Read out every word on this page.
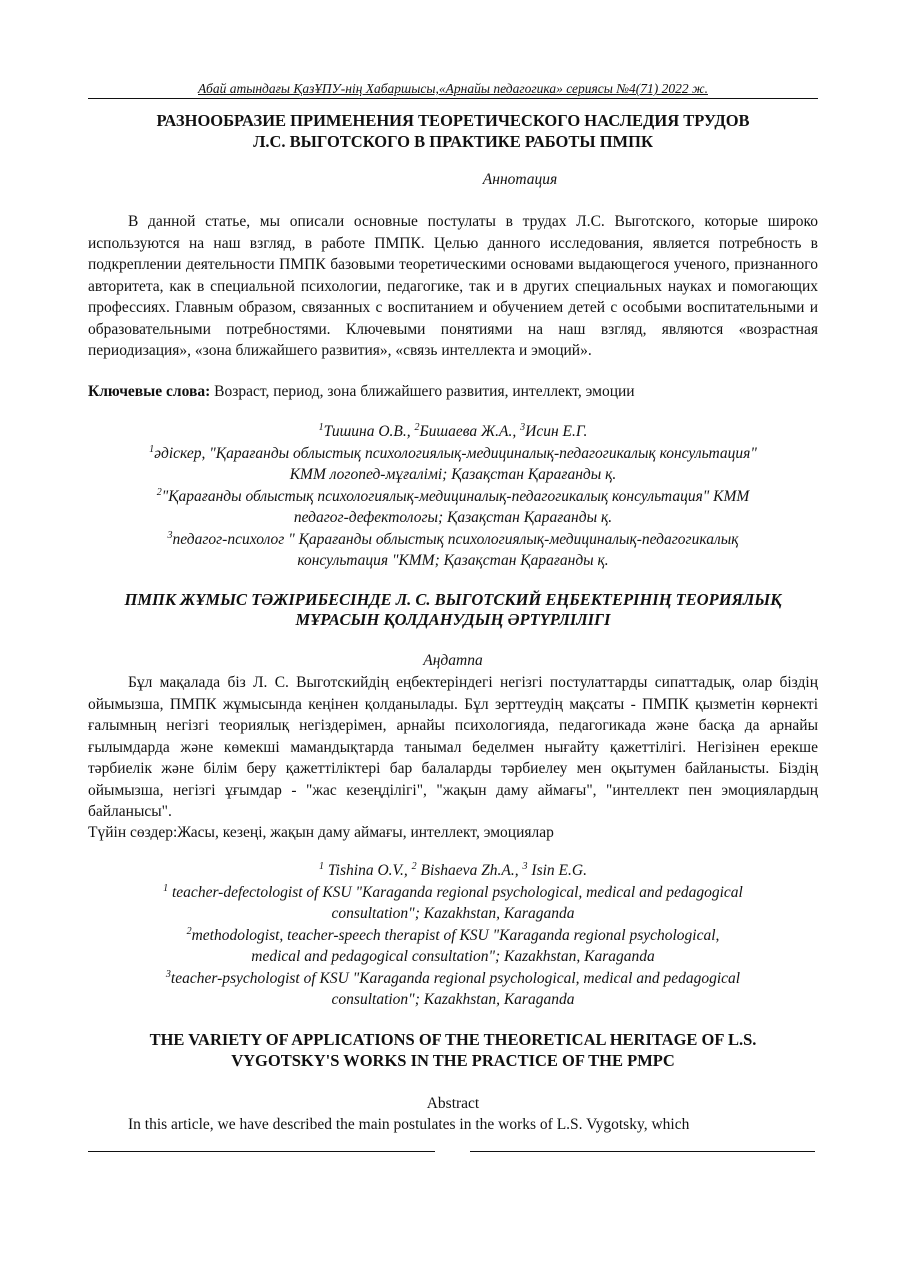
Абай атындағы ҚазҰПУ-нің Хабаршысы,«Арнайы педагогика» сериясы №4(71) 2022 ж.
РАЗНООБРАЗИЕ ПРИМЕНЕНИЯ ТЕОРЕТИЧЕСКОГО НАСЛЕДИЯ ТРУДОВ
Л.С. ВЫГОТСКОГО В ПРАКТИКЕ РАБОТЫ ПМПК
Аннотация
В данной статье, мы описали основные постулаты в трудах Л.С. Выготского, которые широко используются на наш взгляд, в работе ПМПК. Целью данного исследования, является потребность в подкреплении деятельности ПМПК базовыми теоретическими основами выдающегося ученого, признанного авторитета, как в специальной психологии, педагогике, так и в других специальных науках и помогающих профессиях. Главным образом, связанных с воспитанием и обучением детей с особыми воспитательными и образовательными потребностями. Ключевыми понятиями на наш взгляд, являются «возрастная периодизация», «зона ближайшего развития», «связь интеллекта и эмоций».
Ключевые слова: Возраст, период, зона ближайшего развития, интеллект, эмоции
$^1$Тишина О.В., $^2$Бишаева Ж.А., $^3$Исин Е.Г.
$^1$әдіскер, "Қарағанды облыстық психологиялық-медициналық-педагогикалық консультация"
КММ логопед-мұғалімі; Қазақстан Қарағанды қ.
$^2$"Қарағанды облыстық психологиялық-медициналық-педагогикалық консультация" КММ
педагог-дефектологы; Қазақстан Қарағанды қ.
$^3$педагог-психолог " Қарағанды облыстық психологиялық-медициналық-педагогикалық
консультация "КММ; Қазақстан Қарағанды қ.
ПМПК ЖҰМЫС ТӘЖІРИБЕСІНДЕ Л. С. ВЫГОТСКИЙ ЕҢБЕКТЕРІНІҢ ТЕОРИЯЛЫҚ
МҰРАСЫН ҚОЛДАНУДЫҢ ӘРТҮРЛІЛІГІ
Аңдатпа
Бұл мақалада біз Л. С. Выготскийдің еңбектеріндегі негізгі постулаттарды сипаттадық, олар біздің ойымызша, ПМПК жұмысында кеңінен қолданылады. Бұл зерттеудің мақсаты - ПМПК қызметін көрнекті ғалымның негізгі теориялық негіздерімен, арнайы психологияда, педагогикада және басқа да арнайы ғылымдарда және көмекші мамандықтарда танымал беделмен нығайту қажеттілігі. Негізінен ерекше тәрбиелік және білім беру қажеттіліктері бар балаларды тәрбиелеу мен оқытумен байланысты. Біздің ойымызша, негізгі ұғымдар - "жас кезеңділігі", "жақын даму аймағы", "интеллект пен эмоциялардың байланысы".
Түйін сөздер:Жасы, кезеңі, жақын даму аймағы, интеллект, эмоциялар
$^1$ Tishina O.V., $^2$ Bishaeva Zh.A., $^3$ Isin E.G.
$^1$ teacher-defectologist of KSU "Karaganda regional psychological, medical and pedagogical
consultation"; Kazakhstan, Karaganda
$^2$methodologist, teacher-speech therapist of KSU "Karaganda regional psychological,
medical and pedagogical consultation"; Kazakhstan, Karaganda
$^3$teacher-psychologist of KSU "Karaganda regional psychological, medical and pedagogical
consultation"; Kazakhstan, Karaganda
THE VARIETY OF APPLICATIONS OF THE THEORETICAL HERITAGE OF L.S.
VYGOTSKY'S WORKS IN THE PRACTICE OF THE PMPC
Abstract
In this article, we have described the main postulates in the works of L.S. Vygotsky, which
